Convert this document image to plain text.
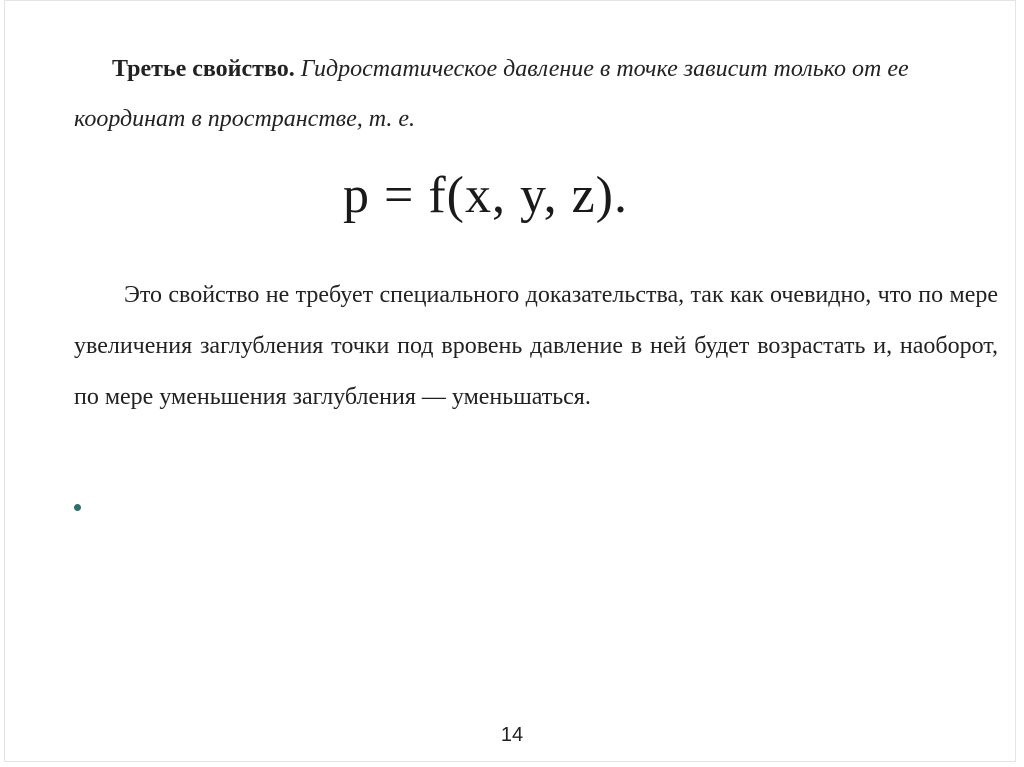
Третье свойство. Гидростатическое давление в точке зависит только от ее координат в пространстве, т. е.

p = f(x, y, z).

Это свойство не требует специального доказательства, так как очевидно, что по мере увеличения заглубления точки под вровень давление в ней будет возрастать и, наоборот, по мере уменьшения заглубления — уменьшаться.

14
